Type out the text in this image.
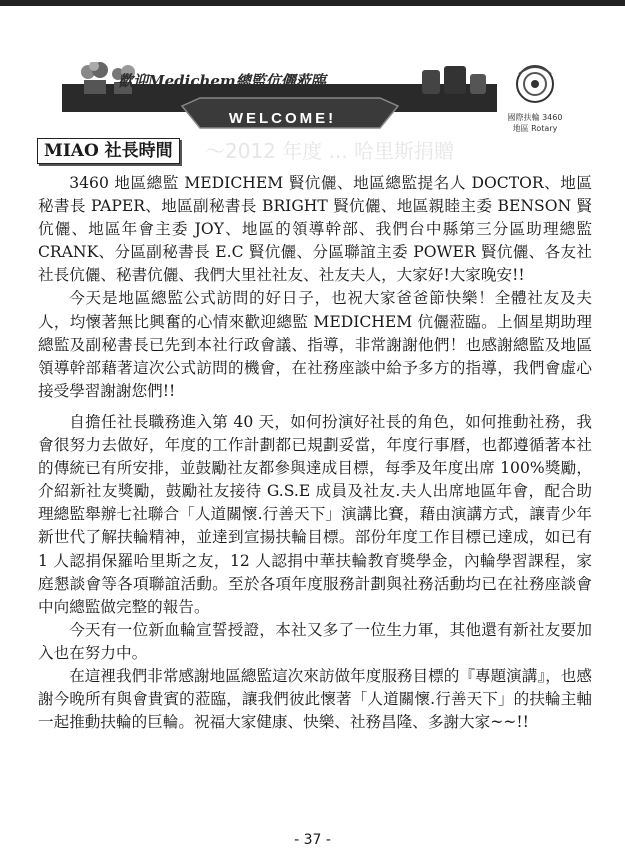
歡迎Medichem總監伉儷蒞臨
WELCOME!	國際扶輪 3460地區 Rotary
～2012 年度 ... 哈里斯捐贈
MIAO 社長時間

3460 地區總監 MEDICHEM 賢伉儷、地區總監提名人 DOCTOR、地區秘書長 PAPER、地區副秘書長 BRIGHT 賢伉儷、地區親睦主委 BENSON 賢伉儷、地區年會主委 JOY、地區的領導幹部、我們台中縣第三分區助理總監 CRANK、分區副秘書長 E.C 賢伉儷、分區聯誼主委 POWER 賢伉儷、各友社社長伉儷、秘書伉儷、我們大里社社友、社友夫人，大家好!大家晚安!!

今天是地區總監公式訪問的好日子，也祝大家爸爸節快樂！全體社友及夫人，均懷著無比興奮的心情來歡迎總監 MEDICHEM 伉儷蒞臨。上個星期助理總監及副秘書長已先到本社行政會議、指導，非常謝謝他們！也感謝總監及地區領導幹部藉著這次公式訪問的機會，在社務座談中給予多方的指導，我們會虛心接受學習謝謝您們!!

自擔任社長職務進入第 40 天，如何扮演好社長的角色，如何推動社務，我會很努力去做好，年度的工作計劃都已規劃妥當，年度行事曆，也都遵循著本社的傳統已有所安排，並鼓勵社友都參與達成目標，每季及年度出席 100%獎勵，介紹新社友獎勵，鼓勵社友接待 G.S.E 成員及社友.夫人出席地區年會，配合助理總監舉辦七社聯合「人道關懷.行善天下」演講比賽，藉由演講方式，讓青少年新世代了解扶輪精神，並達到宣揚扶輪目標。部份年度工作目標已達成，如已有 1 人認捐保羅哈里斯之友，12 人認捐中華扶輪教育獎學金，內輪學習課程，家庭懇談會等各項聯誼活動。至於各項年度服務計劃與社務活動均已在社務座談會中向總監做完整的報告。

今天有一位新血輪宣誓授證，本社又多了一位生力軍，其他還有新社友要加入也在努力中。

在這裡我們非常感謝地區總監這次來訪做年度服務目標的『專題演講』，也感謝今晚所有與會貴賓的蒞臨，讓我們彼此懷著「人道關懷.行善天下」的扶輪主軸一起推動扶輪的巨輪。祝福大家健康、快樂、社務昌隆、多謝大家~~!!

- 37 -
